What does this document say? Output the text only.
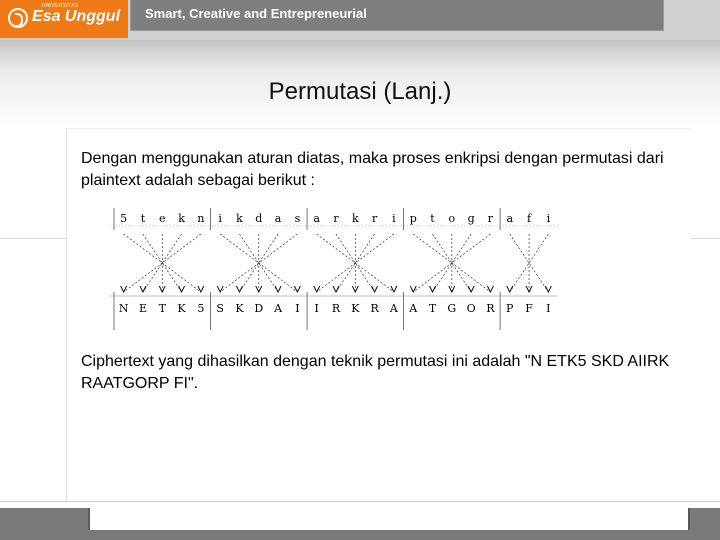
UNIVERSITAS
Esa Unggul Smart, Creative and Entrepreneurial
Permutasi (Lanj.)
Dengan menggunakan aturan diatas, maka proses enkripsi dengan permutasi dari plaintext adalah sebagai berikut :
5 t e k n i k d a s a r k r i p t o g r a f i
N E T K 5 S K D A I I R K R A A T G O R P F I
Ciphertext yang dihasilkan dengan teknik permutasi ini adalah "N ETK5 SKD AIIRK RAATGORP FI".
